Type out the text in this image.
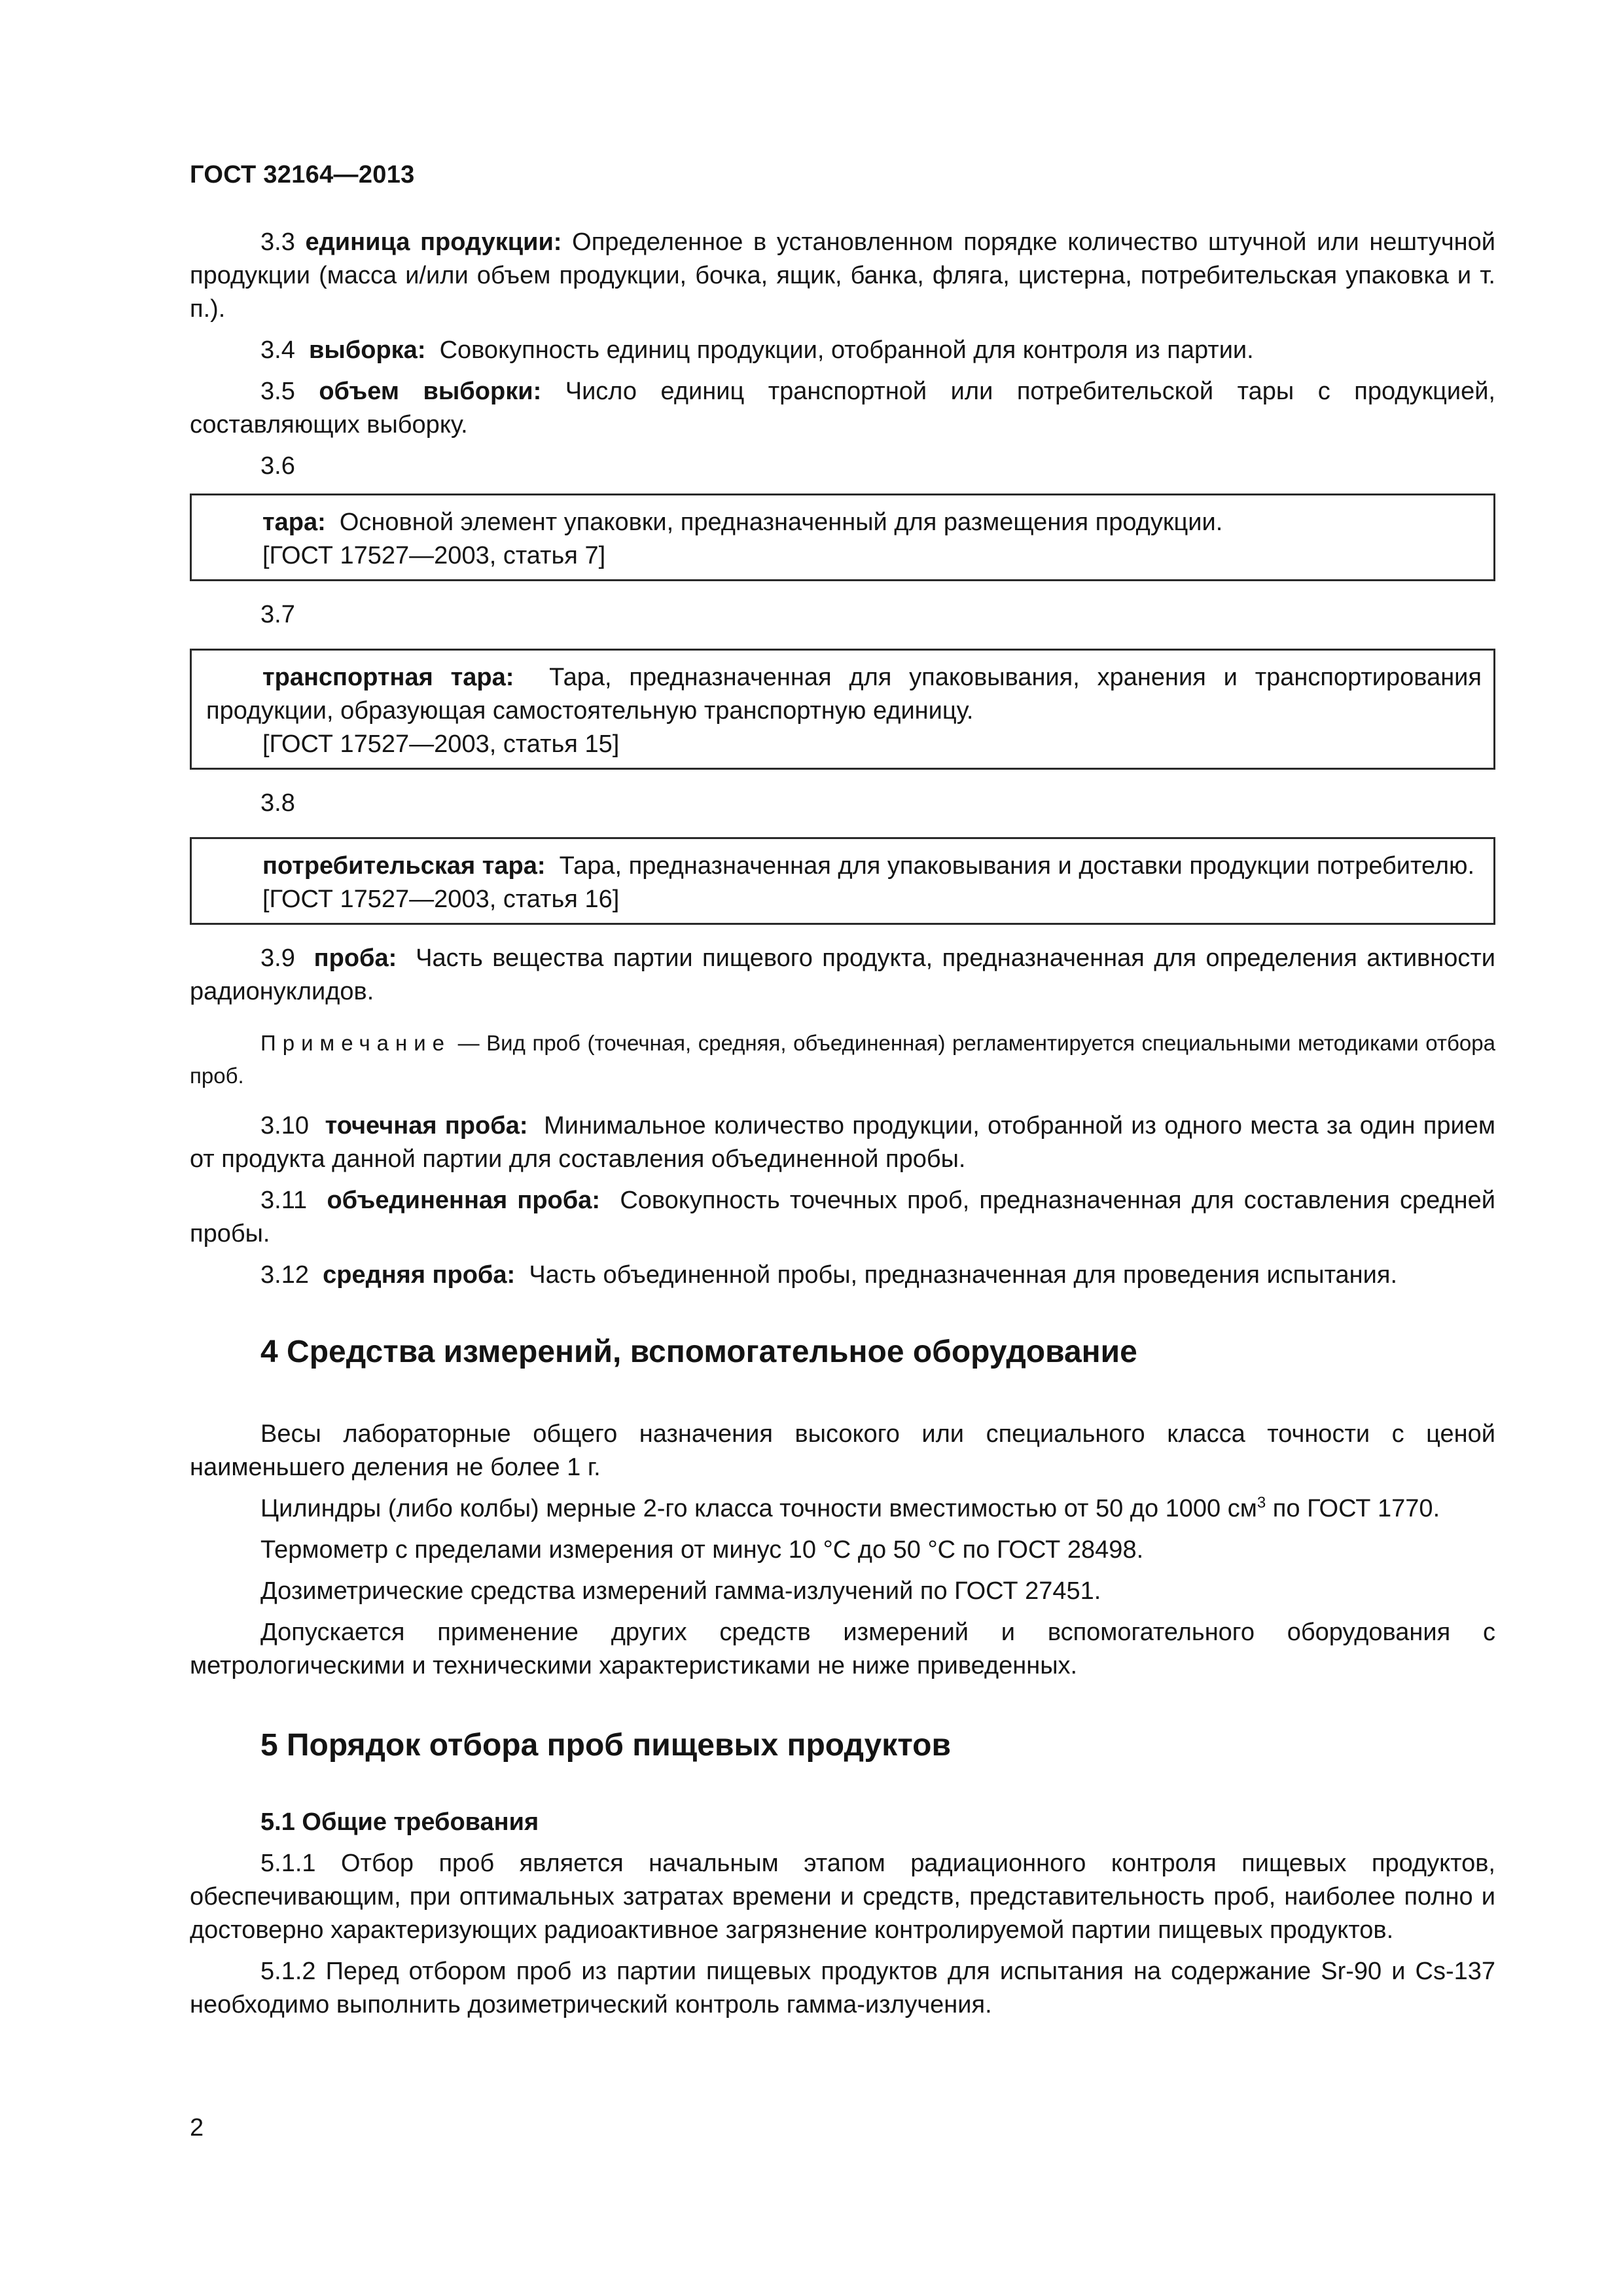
ГОСТ 32164—2013

3.3 единица продукции: Определенное в установленном порядке количество штучной или нештучной продукции (масса и/или объем продукции, бочка, ящик, банка, фляга, цистерна, потребительская упаковка и т. п.).

3.4 выборка: Совокупность единиц продукции, отобранной для контроля из партии.

3.5 объем выборки: Число единиц транспортной или потребительской тары с продукцией, составляющих выборку.

3.6

тара: Основной элемент упаковки, предназначенный для размещения продукции.

[ГОСТ 17527—2003, статья 7]

3.7

транспортная тара: Тара, предназначенная для упаковывания, хранения и транспортирования продукции, образующая самостоятельную транспортную единицу.

[ГОСТ 17527—2003, статья 15]

3.8

потребительская тара: Тара, предназначенная для упаковывания и доставки продукции потребителю.

[ГОСТ 17527—2003, статья 16]

3.9 проба: Часть вещества партии пищевого продукта, предназначенная для определения активности радионуклидов.

Примечание — Вид проб (точечная, средняя, объединенная) регламентируется специальными методиками отбора проб.

3.10 точечная проба: Минимальное количество продукции, отобранной из одного места за один прием от продукта данной партии для составления объединенной пробы.

3.11 объединенная проба: Совокупность точечных проб, предназначенная для составления средней пробы.

3.12 средняя проба: Часть объединенной пробы, предназначенная для проведения испытания.

4 Средства измерений, вспомогательное оборудование

Весы лабораторные общего назначения высокого или специального класса точности с ценой наименьшего деления не более 1 г.

Цилиндры (либо колбы) мерные 2-го класса точности вместимостью от 50 до 1000 $см^3$ по ГОСТ 1770.

Термометр с пределами измерения от минус 10 °С до 50 °С по ГОСТ 28498.

Дозиметрические средства измерений гамма-излучений по ГОСТ 27451.

Допускается применение других средств измерений и вспомогательного оборудования с метрологическими и техническими характеристиками не ниже приведенных.

5 Порядок отбора проб пищевых продуктов
5.1 Общие требования

5.1.1 Отбор проб является начальным этапом радиационного контроля пищевых продуктов, обеспечивающим, при оптимальных затратах времени и средств, представительность проб, наиболее полно и достоверно характеризующих радиоактивное загрязнение контролируемой партии пищевых продуктов.

5.1.2 Перед отбором проб из партии пищевых продуктов для испытания на содержание Sr-90 и Cs-137 необходимо выполнить дозиметрический контроль гамма-излучения.

2
